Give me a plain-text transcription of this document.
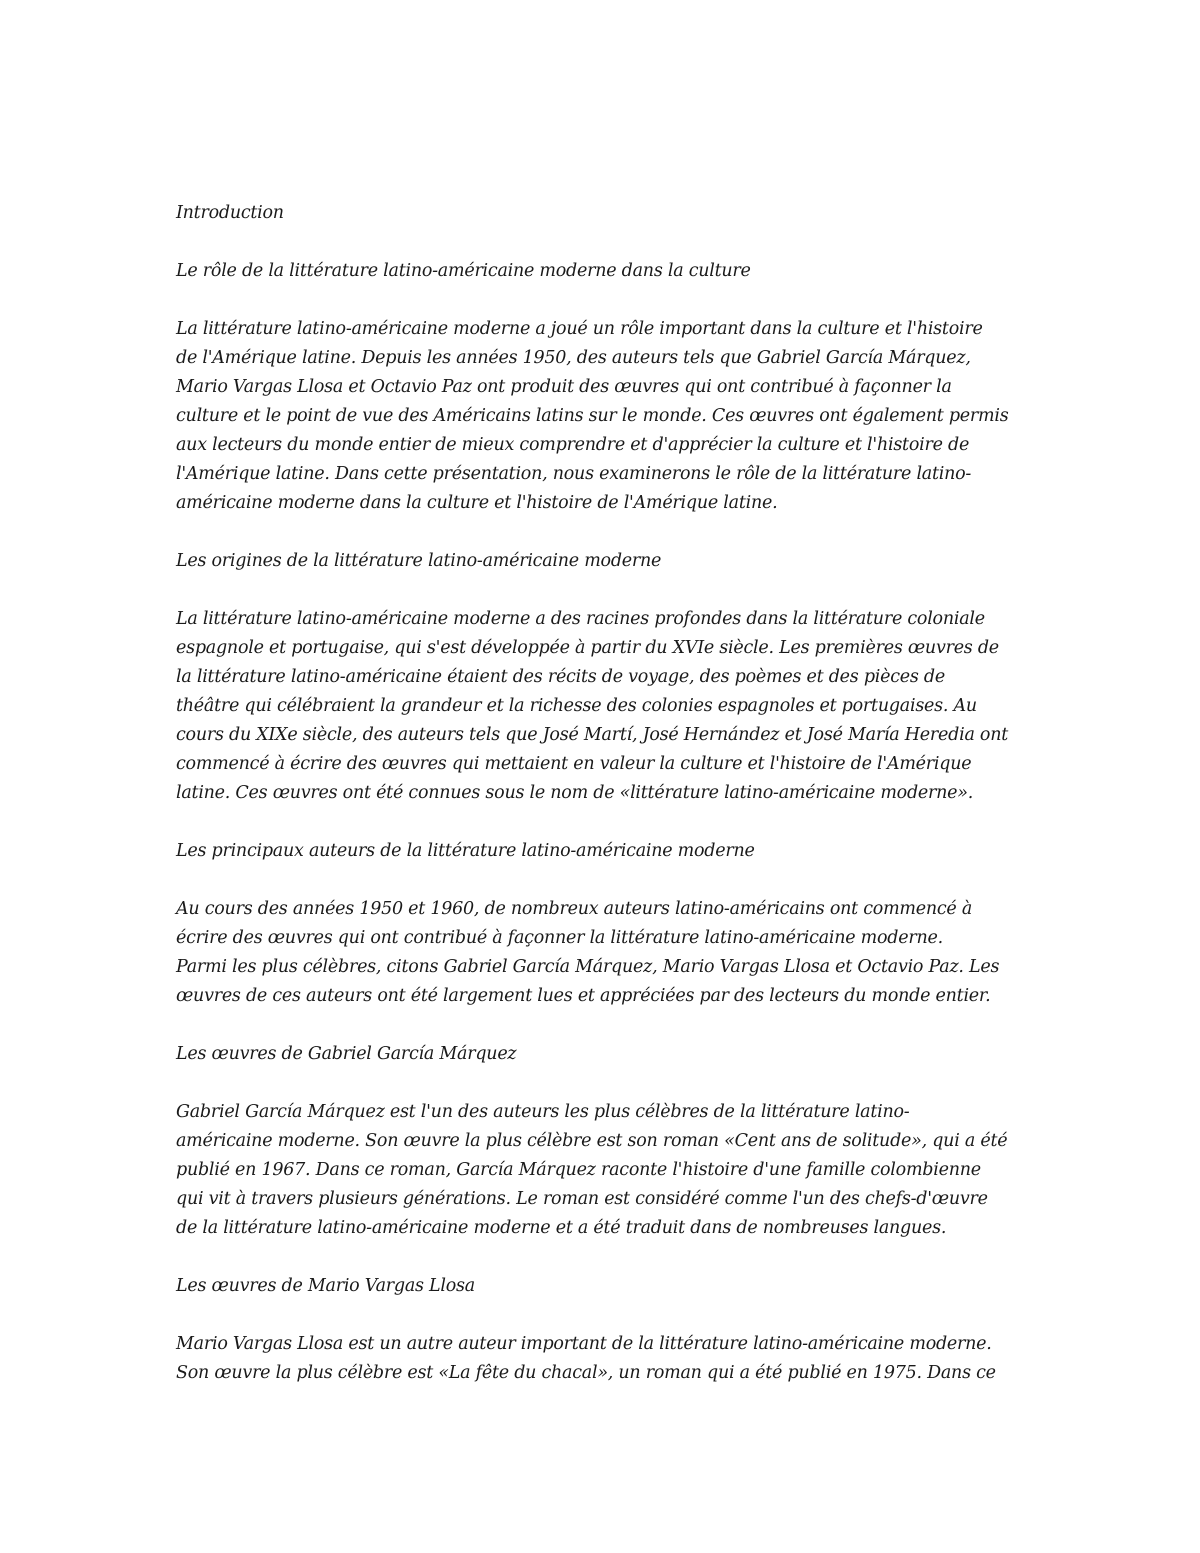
Introduction

Le rôle de la littérature latino-américaine moderne dans la culture

La littérature latino-américaine moderne a joué un rôle important dans la culture et l'histoire
de l'Amérique latine. Depuis les années 1950, des auteurs tels que Gabriel García Márquez,
Mario Vargas Llosa et Octavio Paz ont produit des œuvres qui ont contribué à façonner la
culture et le point de vue des Américains latins sur le monde. Ces œuvres ont également permis
aux lecteurs du monde entier de mieux comprendre et d'apprécier la culture et l'histoire de
l'Amérique latine. Dans cette présentation, nous examinerons le rôle de la littérature latino-
américaine moderne dans la culture et l'histoire de l'Amérique latine.

Les origines de la littérature latino-américaine moderne

La littérature latino-américaine moderne a des racines profondes dans la littérature coloniale
espagnole et portugaise, qui s'est développée à partir du XVIe siècle. Les premières œuvres de
la littérature latino-américaine étaient des récits de voyage, des poèmes et des pièces de
théâtre qui célébraient la grandeur et la richesse des colonies espagnoles et portugaises. Au
cours du XIXe siècle, des auteurs tels que José Martí, José Hernández et José María Heredia ont
commencé à écrire des œuvres qui mettaient en valeur la culture et l'histoire de l'Amérique
latine. Ces œuvres ont été connues sous le nom de «littérature latino-américaine moderne».

Les principaux auteurs de la littérature latino-américaine moderne

Au cours des années 1950 et 1960, de nombreux auteurs latino-américains ont commencé à
écrire des œuvres qui ont contribué à façonner la littérature latino-américaine moderne.
Parmi les plus célèbres, citons Gabriel García Márquez, Mario Vargas Llosa et Octavio Paz. Les
œuvres de ces auteurs ont été largement lues et appréciées par des lecteurs du monde entier.

Les œuvres de Gabriel García Márquez

Gabriel García Márquez est l'un des auteurs les plus célèbres de la littérature latino-
américaine moderne. Son œuvre la plus célèbre est son roman «Cent ans de solitude», qui a été
publié en 1967. Dans ce roman, García Márquez raconte l'histoire d'une famille colombienne
qui vit à travers plusieurs générations. Le roman est considéré comme l'un des chefs-d'œuvre
de la littérature latino-américaine moderne et a été traduit dans de nombreuses langues.

Les œuvres de Mario Vargas Llosa

Mario Vargas Llosa est un autre auteur important de la littérature latino-américaine moderne.
Son œuvre la plus célèbre est «La fête du chacal», un roman qui a été publié en 1975. Dans ce
